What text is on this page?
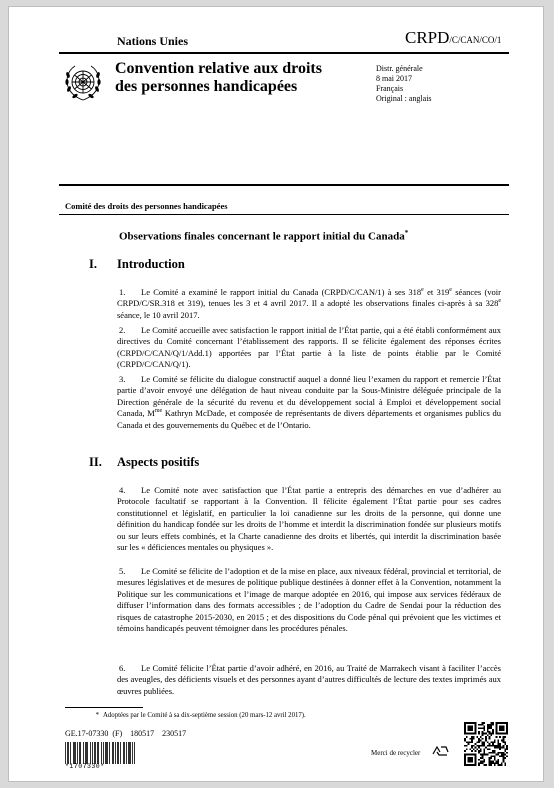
Nations Unies	CRPD/C/CAN/CO/1
Convention relative aux droits
des personnes handicapées
Distr. générale
8 mai 2017
Français
Original : anglais
Comité des droits des personnes handicapées
Observations finales concernant le rapport initial du Canada*
I. Introduction
1. Le Comité a examiné le rapport initial du Canada (CRPD/C/CAN/1) à ses 318e et 319e séances (voir CRPD/C/SR.318 et 319), tenues les 3 et 4 avril 2017. Il a adopté les observations finales ci-après à sa 328e séance, le 10 avril 2017.
2. Le Comité accueille avec satisfaction le rapport initial de l’État partie, qui a été établi conformément aux directives du Comité concernant l’établissement des rapports. Il se félicite également des réponses écrites (CRPD/C/CAN/Q/1/Add.1) apportées par l’État partie à la liste de points établie par le Comité (CRPD/C/CAN/Q/1).
3. Le Comité se félicite du dialogue constructif auquel a donné lieu l’examen du rapport et remercie l’État partie d’avoir envoyé une délégation de haut niveau conduite par la Sous-Ministre déléguée principale de la Direction générale de la sécurité du revenu et du développement social à Emploi et développement social Canada, $M^{me}$ Kathryn McDade, et composée de représentants de divers départements et organismes publics du Canada et des gouvernements du Québec et de l’Ontario.
II. Aspects positifs
4. Le Comité note avec satisfaction que l’État partie a entrepris des démarches en vue d’adhérer au Protocole facultatif se rapportant à la Convention. Il félicite également l’État partie pour ses cadres constitutionnel et législatif, en particulier la loi canadienne sur les droits de la personne, qui donne une définition du handicap fondée sur les droits de l’homme et interdit la discrimination fondée sur plusieurs motifs ou sur leurs effets combinés, et la Charte canadienne des droits et libertés, qui interdit la discrimination basée sur les « déficiences mentales ou physiques ».
5. Le Comité se félicite de l’adoption et de la mise en place, aux niveaux fédéral, provincial et territorial, de mesures législatives et de mesures de politique publique destinées à donner effet à la Convention, notamment la Politique sur les communications et l’image de marque adoptée en 2016, qui impose aux services fédéraux de diffuser l’information dans des formats accessibles ; de l’adoption du Cadre de Sendai pour la réduction des risques de catastrophe 2015-2030, en 2015 ; et des dispositions du Code pénal qui prévoient que les victimes et témoins handicapés peuvent témoigner dans les procédures pénales.
6. Le Comité félicite l’État partie d’avoir adhéré, en 2016, au Traité de Marrakech visant à faciliter l’accès des aveugles, des déficients visuels et des personnes ayant d’autres difficultés de lecture des textes imprimés aux œuvres publiées.
* Adoptées par le Comité à sa dix-septième session (20 mars-12 avril 2017).
GE.17-07330  (F)    180517    230517
*1707330*
Merci de recycler
